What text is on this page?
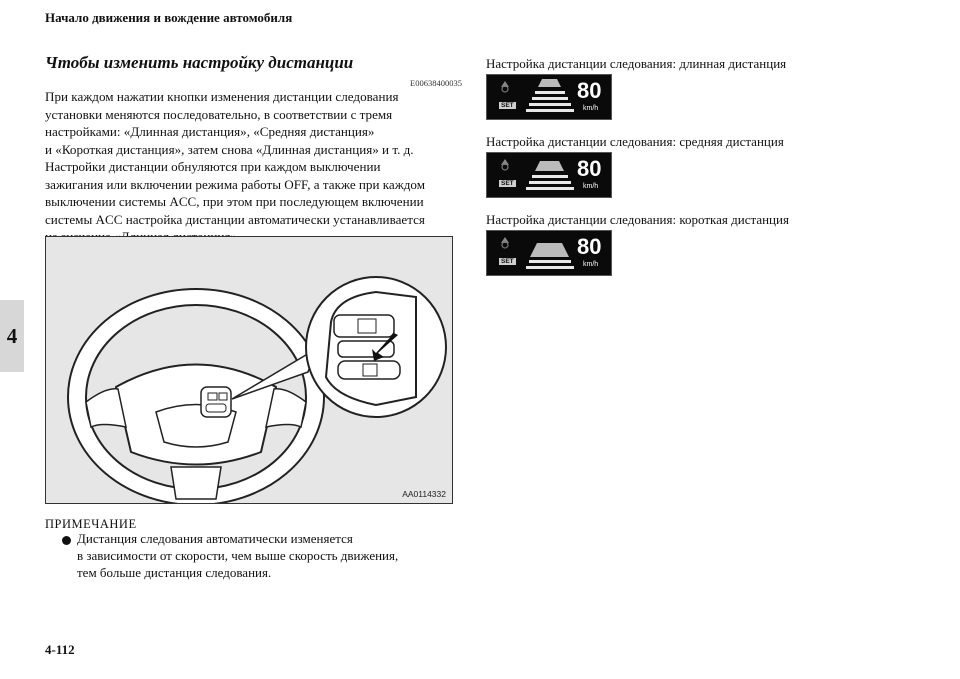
Начало движения и вождение автомобиля
4
Чтобы изменить настройку дистанции
E00638400035
При каждом нажатии кнопки изменения дистанции следования
установки меняются последовательно, в соответствии с тремя
настройками: «Длинная дистанция», «Средняя дистанция»
и «Короткая дистанция», затем снова «Длинная дистанция» и т. д.
Настройки дистанции обнуляются при каждом выключении
зажигания или включении режима работы OFF, а также при каждом
выключении системы ACC, при этом при последующем включении
системы ACC настройка дистанции автоматически устанавливается
AA0114332
ПРИМЕЧАНИЕ
Дистанция следования автоматически изменяется
в зависимости от скорости, чем выше скорость движения,
тем больше дистанция следования.
Настройка дистанции следования: длинная дистанция
SET
80
km/h
Настройка дистанции следования: средняя дистанция
SET
80
km/h
Настройка дистанции следования: короткая дистанция
SET
80
km/h
4-112
